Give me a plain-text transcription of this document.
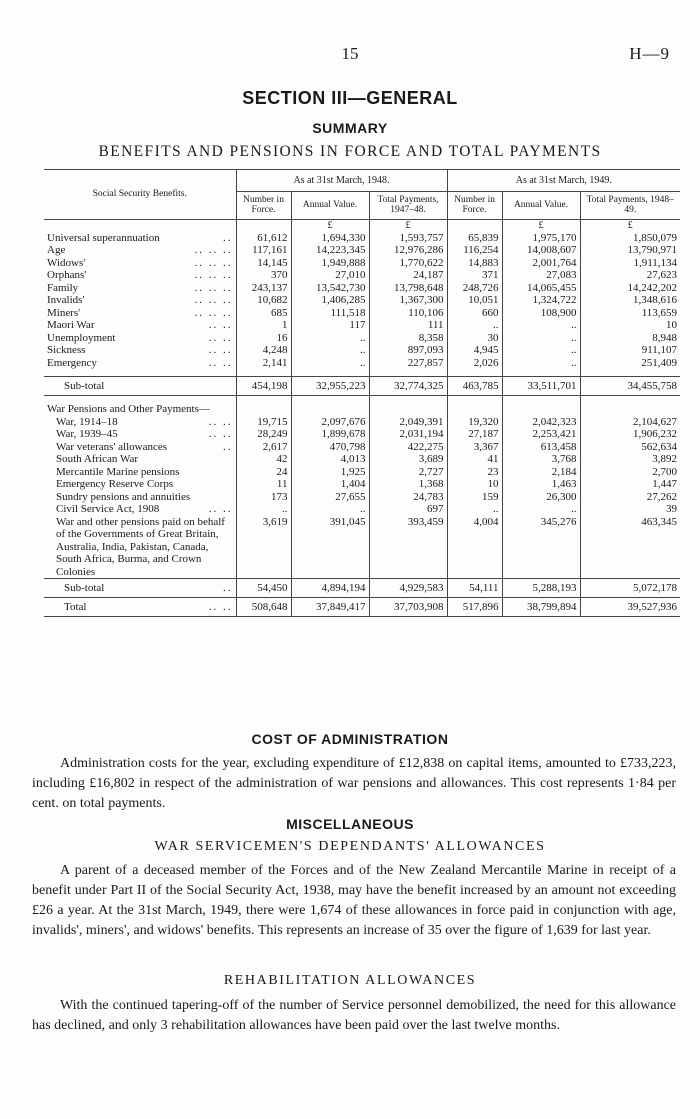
15	H—9
SECTION III—GENERAL
SUMMARY
BENEFITS AND PENSIONS IN FORCE AND TOTAL PAYMENTS
Social Security Benefits.	As at 31st March, 1948.			As at 31st March, 1949.		
	Number in Force.	Annual Value.	Total Payments, 1947–48.	Number in Force.	Annual Value.	Total Payments, 1948–49.
		£	£		£	£
Universal superannuation ..	61,612	1,694,330	1,593,757	65,839	1,975,170	1,850,079
Age .. .. ..	117,161	14,223,345	12,976,286	116,254	14,008,607	13,790,971
Widows' .. .. ..	14,145	1,949,888	1,770,622	14,883	2,001,764	1,911,134
Orphans' .. .. ..	370	27,010	24,187	371	27,083	27,623
Family .. .. ..	243,137	13,542,730	13,798,648	248,726	14,065,455	14,242,202
Invalids' .. .. ..	10,682	1,406,285	1,367,300	10,051	1,324,722	1,348,616
Miners' .. .. ..	685	111,518	110,106	660	108,900	113,659
Maori War .. ..	1	117	111	..	..	10
Unemployment .. ..	16	..	8,358	30	..	8,948
Sickness .. ..	4,248	..	897,093	4,945	..	911,107
Emergency .. ..	2,141	..	227,857	2,026	..	251,409

Sub-total	454,198	32,955,223	32,774,325	463,785	33,511,701	34,455,758

War Pensions and Other Payments—						
War, 1914–18 .. ..	19,715	2,097,676	2,049,391	19,320	2,042,323	2,104,627
War, 1939–45 .. ..	28,249	1,899,678	2,031,194	27,187	2,253,421	1,906,232
War veterans' allowances ..	2,617	470,798	422,275	3,367	613,458	562,634
South African War	42	4,013	3,689	41	3,768	3,892
Mercantile Marine pensions	24	1,925	2,727	23	2,184	2,700
Emergency Reserve Corps	11	1,404	1,368	10	1,463	1,447
Sundry pensions and annuities	173	27,655	24,783	159	26,300	27,262
Civil Service Act, 1908 .. ..	..	..	697	..	..	39
War and other pensions paid on behalf of the Governments of Great Britain, Australia, India, Pakistan, Canada, South Africa, Burma, and Crown Colonies	3,619	391,045	393,459	4,004	345,276	463,345
Sub-total ..	54,450	4,894,194	4,929,583	54,111	5,288,193	5,072,178
Total .. ..	508,648	37,849,417	37,703,908	517,896	38,799,894	39,527,936
COST OF ADMINISTRATION
Administration costs for the year, excluding expenditure of £12,838 on capital items, amounted to £733,223, including £16,802 in respect of the administration of war pensions and allowances. This cost represents 1·84 per cent. on total payments.
MISCELLANEOUS
WAR SERVICEMEN'S DEPENDANTS' ALLOWANCES
A parent of a deceased member of the Forces and of the New Zealand Mercantile Marine in receipt of a benefit under Part II of the Social Security Act, 1938, may have the benefit increased by an amount not exceeding £26 a year. At the 31st March, 1949, there were 1,674 of these allowances in force paid in conjunction with age, invalids', miners', and widows' benefits. This represents an increase of 35 over the figure of 1,639 for last year.
REHABILITATION ALLOWANCES
With the continued tapering-off of the number of Service personnel demobilized, the need for this allowance has declined, and only 3 rehabilitation allowances have been paid over the last twelve months.
